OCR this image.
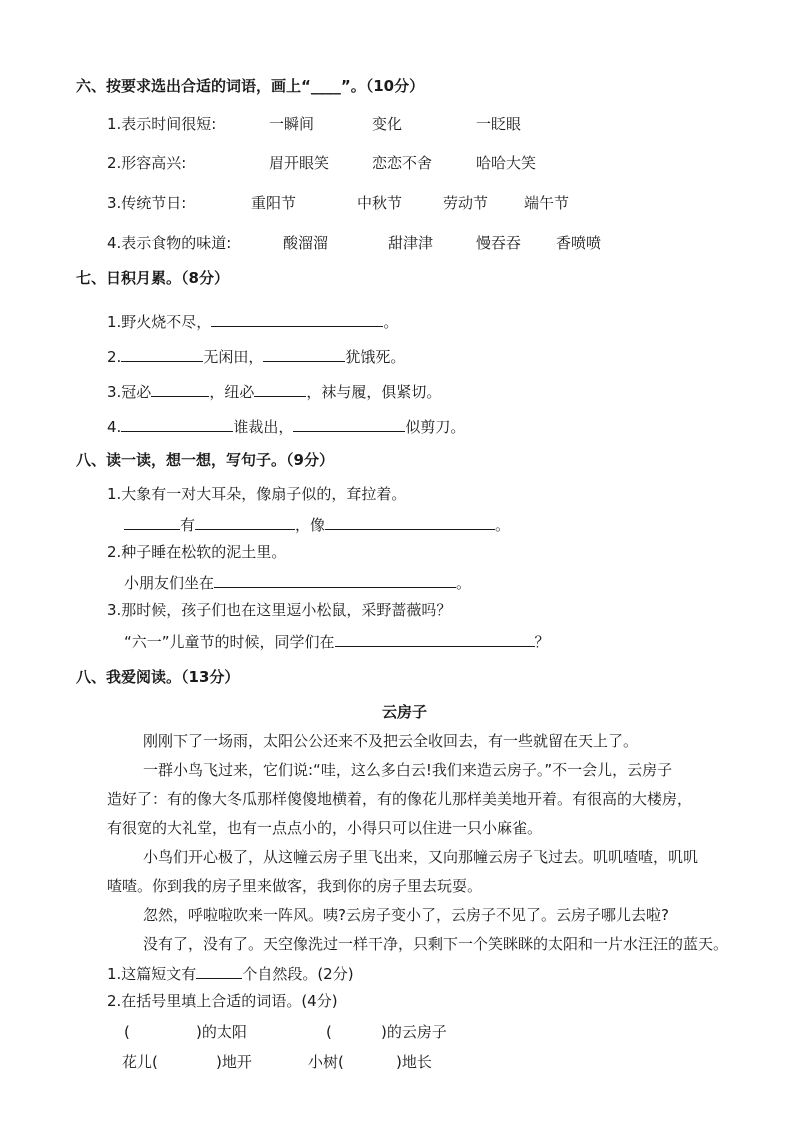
六、按要求选出合适的词语，画上“____”。（10分）
1.表示时间很短:	一瞬间	变化	一眨眼
2.形容高兴:	眉开眼笑	恋恋不舍	哈哈大笑
3.传统节日:	重阳节	中秋节	劳动节 端午节
4.表示食物的味道:	酸溜溜	甜津津	慢吞吞 香喷喷
七、日积月累。（8分）
1.野火烧不尽，	。
2.	无闲田，	犹饿死。
3.冠必	，纽必	，袜与履，俱紧切。
4.	谁裁出，	似剪刀。
八、读一读，想一想，写句子。（9分）
1.大象有一对大耳朵，像扇子似的，耷拉着。
有	，像	。
2.种子睡在松软的泥土里。
小朋友们坐在	。
3.那时候，孩子们也在这里逗小松鼠，采野蔷薇吗？
“六一”儿童节的时候，同学们在	？
八、我爱阅读。（13分）
云房子
刚刚下了一场雨，太阳公公还来不及把云全收回去，有一些就留在天上了。
一群小鸟飞过来，它们说:“哇，这么多白云!我们来造云房子。”不一会儿，云房子
造好了：有的像大冬瓜那样傻傻地横着，有的像花儿那样美美地开着。有很高的大楼房，
有很宽的大礼堂，也有一点点小的，小得只可以住进一只小麻雀。
小鸟们开心极了，从这幢云房子里飞出来，又向那幢云房子飞过去。叽叽喳喳，叽叽
喳喳。你到我的房子里来做客，我到你的房子里去玩耍。
忽然，呼啦啦吹来一阵风。咦?云房子变小了，云房子不见了。云房子哪儿去啦?
没有了，没有了。天空像洗过一样干净，只剩下一个笑眯眯的太阳和一片水汪汪的蓝天。
1.这篇短文有	个自然段。(2分)
2.在括号里填上合适的词语。(4分)
(	)的太阳	(	)的云房子
花儿(	)地开	小树(	)地长
